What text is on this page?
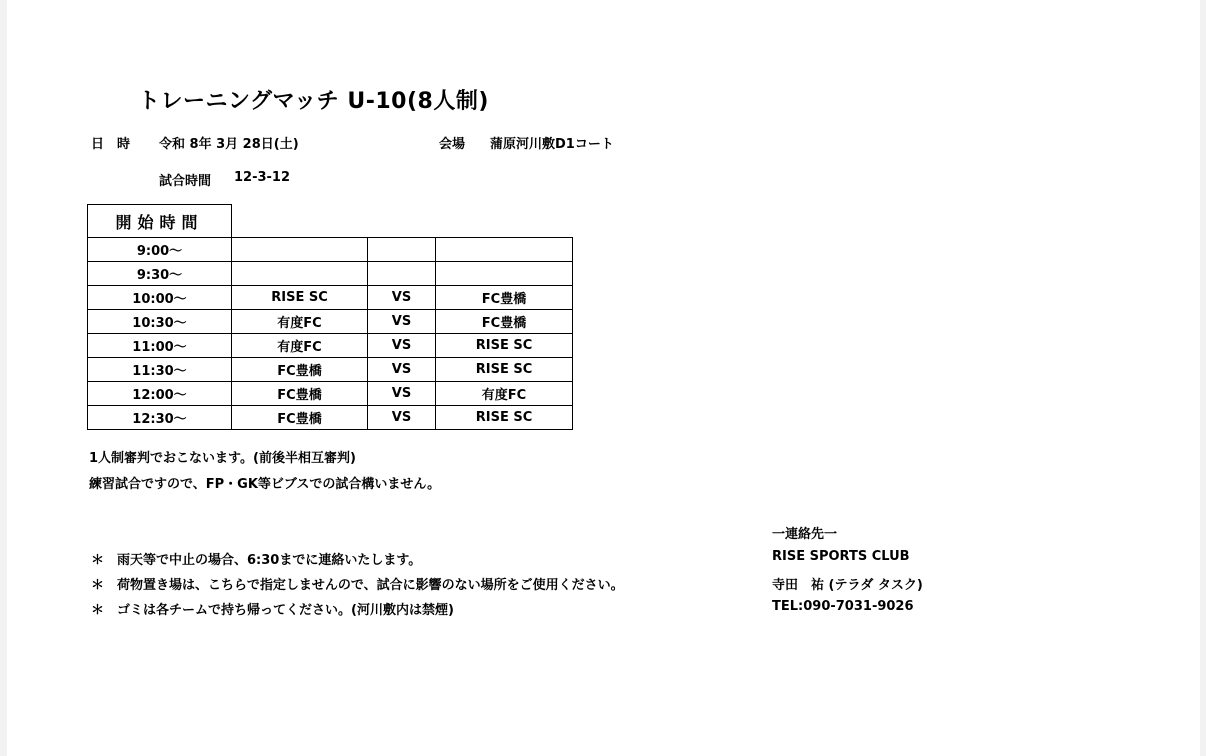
トレーニングマッチ U-10(8人制)
日　時 令和 8年 3月 28日(土)	会場 蒲原河川敷D1コート
試合時間 12-3-12
開始時間			
9:00～			
9:30～			
10:00～	RISE SC	VS	FC豊橋
10:30～	有度FC	VS	FC豊橋
11:00～	有度FC	VS	RISE SC
11:30～	FC豊橋	VS	RISE SC
12:00～	FC豊橋	VS	有度FC
12:30～	FC豊橋	VS	RISE SC
1人制審判でおこないます。(前後半相互審判)
練習試合ですので、FP・GK等ビブスでの試合構いません。
一連絡先一
＊　雨天等で中止の場合、6:30までに連絡いたします。	RISE SPORTS CLUB
＊　荷物置き場は、こちらで指定しませんので、試合に影響のない場所をご使用ください。	寺田　祐 (テラダ タスク)
＊　ゴミは各チームで持ち帰ってください。(河川敷内は禁煙)	TEL:090-7031-9026
